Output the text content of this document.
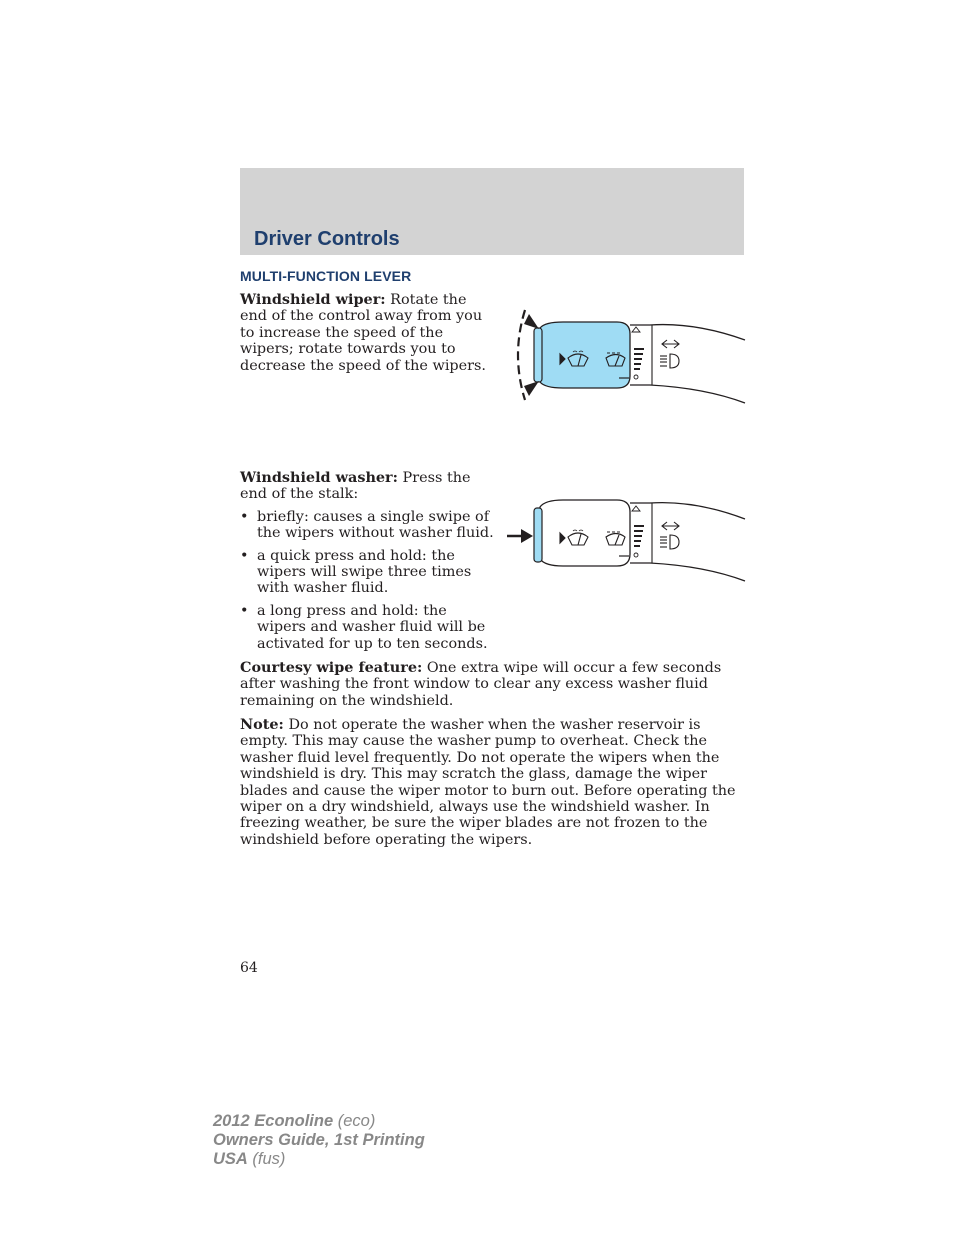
Driver Controls
MULTI-FUNCTION LEVER

Windshield wiper: Rotate the end of the control away from you to increase the speed of the wipers; rotate towards you to decrease the speed of the wipers.

Windshield washer: Press the end of the stalk:

• briefly: causes a single swipe of the wipers without washer fluid.
• a quick press and hold: the wipers will swipe three times with washer fluid.
• a long press and hold: the wipers and washer fluid will be activated for up to ten seconds.

Courtesy wipe feature: One extra wipe will occur a few seconds after washing the front window to clear any excess washer fluid remaining on the windshield.

Note: Do not operate the washer when the washer reservoir is empty. This may cause the washer pump to overheat. Check the washer fluid level frequently. Do not operate the wipers when the windshield is dry. This may scratch the glass, damage the wiper blades and cause the wiper motor to burn out. Before operating the wiper on a dry windshield, always use the windshield washer. In freezing weather, be sure the wiper blades are not frozen to the windshield before operating the wipers.

64
2012 Econoline (eco)
Owners Guide, 1st Printing
USA (fus)
